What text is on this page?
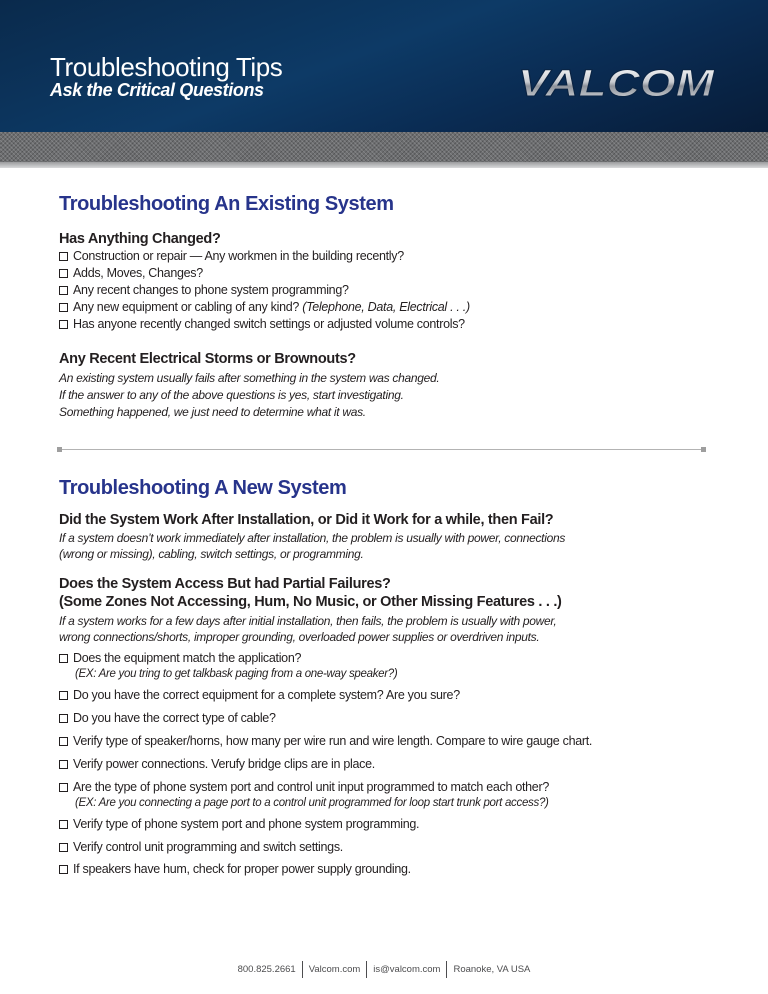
Troubleshooting Tips
Ask the Critical Questions	VALCOM
Troubleshooting An Existing System
Has Anything Changed?
Construction or repair — Any workmen in the building recently?
Adds, Moves, Changes?
Any recent changes to phone system programming?
Any new equipment or cabling of any kind? (Telephone, Data, Electrical . . .)
Has anyone recently changed switch settings or adjusted volume controls?
Any Recent Electrical Storms or Brownouts?
An existing system usually fails after something in the system was changed.
If the answer to any of the above questions is yes, start investigating.
Something happened, we just need to determine what it was.
Troubleshooting A New System
Did the System Work After Installation, or Did it Work for a while, then Fail?
If a system doesn’t work immediately after installation, the problem is usually with power, connections
(wrong or missing), cabling, switch settings, or programming.
Does the System Access But had Partial Failures?
(Some Zones Not Accessing, Hum, No Music, or Other Missing Features . . .)
If a system works for a few days after initial installation, then fails, the problem is usually with power,
wrong connections/shorts, improper grounding, overloaded power supplies or overdriven inputs.
Does the equipment match the application?
(EX: Are you tring to get talkbask paging from a one-way speaker?)
Do you have the correct equipment for a complete system? Are you sure?
Do you have the correct type of cable?
Verify type of speaker/horns, how many per wire run and wire length. Compare to wire gauge chart.
Verify power connections. Verufy bridge clips are in place.
Are the type of phone system port and control unit input programmed to match each other?
(EX: Are you connecting a page port to a control unit programmed for loop start trunk port access?)
Verify type of phone system port and phone system programming.
Verify control unit programming and switch settings.
If speakers have hum, check for proper power supply grounding.
800.825.2661 Valcom.com is@valcom.com Roanoke, VA USA
